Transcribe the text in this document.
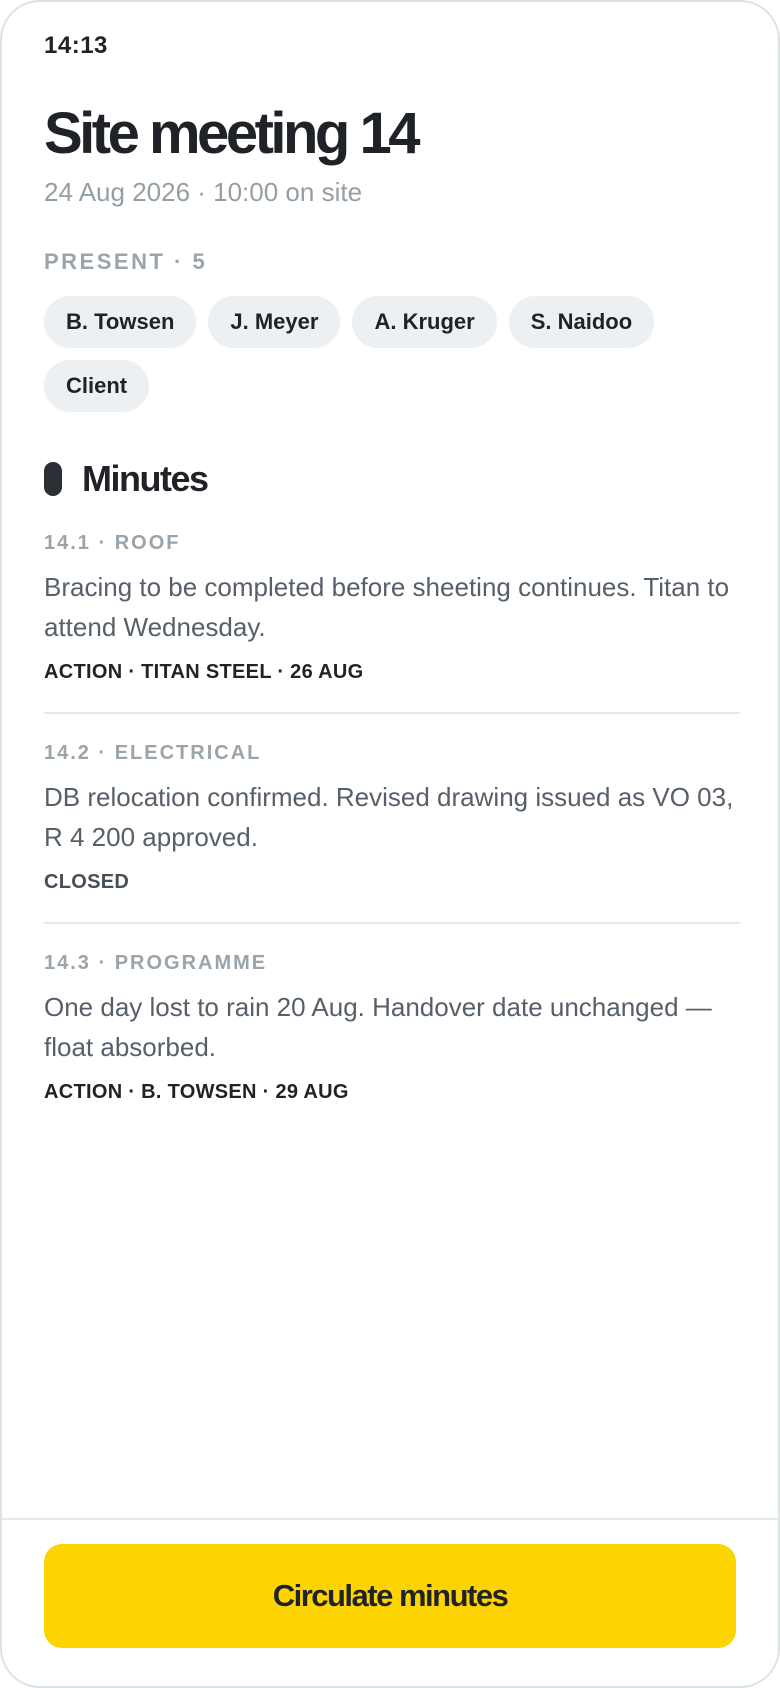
14:13
Site meeting 14
24 Aug 2026 · 10:00 on site
PRESENT · 5
B. Towsen	J. Meyer	A. Kruger	S. Naidoo
Client
Minutes
14.1 · ROOF
Bracing to be completed before sheeting continues. Titan to attend Wednesday.
ACTION · TITAN STEEL · 26 AUG
14.2 · ELECTRICAL
DB relocation confirmed. Revised drawing issued as VO 03, R 4 200 approved.
CLOSED
14.3 · PROGRAMME
One day lost to rain 20 Aug. Handover date unchanged — float absorbed.
ACTION · B. TOWSEN · 29 AUG
Circulate minutes
